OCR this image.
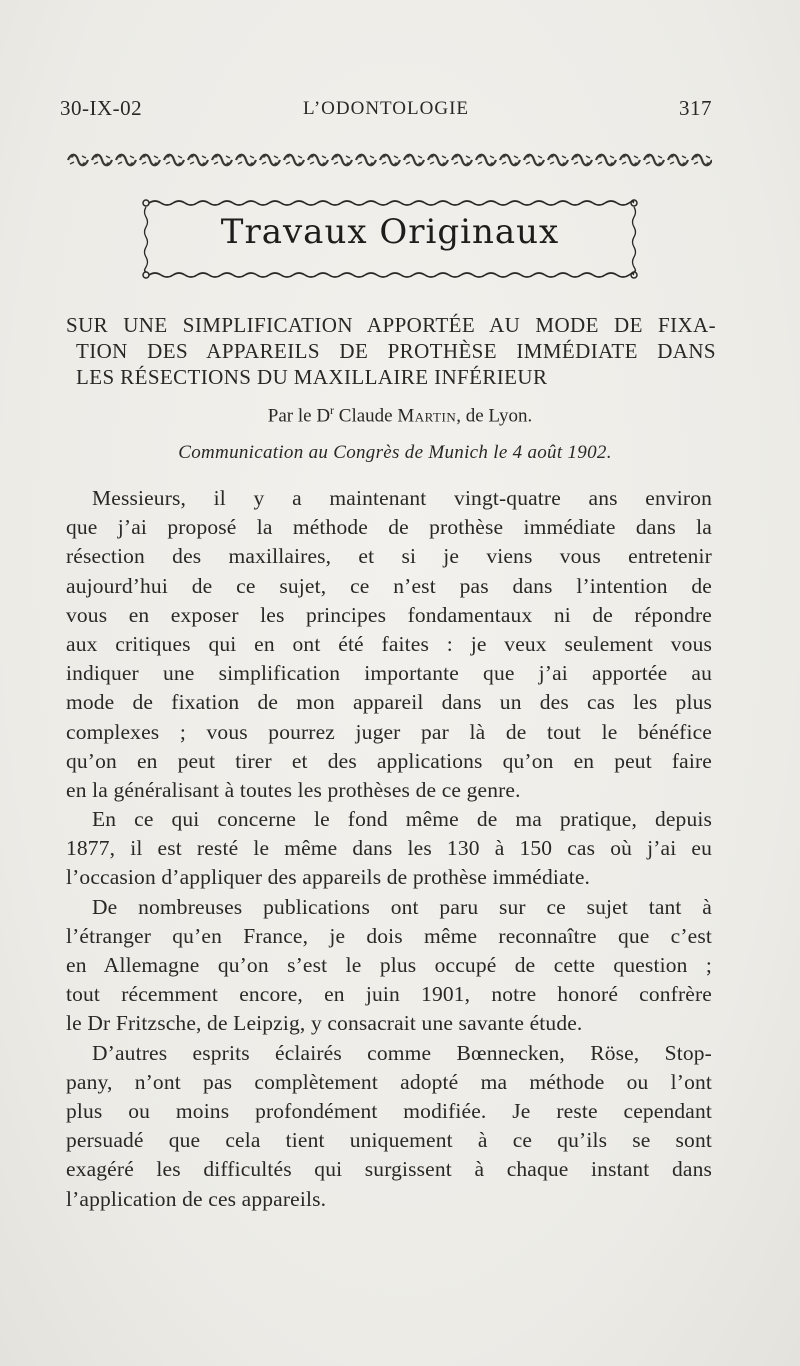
30-IX-02	L’ODONTOLOGIE	317
Travaux Originaux
SUR UNE SIMPLIFICATION APPORTÉE AU MODE DE FIXA-
TION DES APPAREILS DE PROTHÈSE IMMÉDIATE DANS
LES RÉSECTIONS DU MAXILLAIRE INFÉRIEUR
Par le $D^r$ Claude Martin, de Lyon.
Communication au Congrès de Munich le 4 août 1902.
Messieurs, il y a maintenant vingt-quatre ans environ
que j’ai proposé la méthode de prothèse immédiate dans la
résection des maxillaires, et si je viens vous entretenir
aujourd’hui de ce sujet, ce n’est pas dans l’intention de
vous en exposer les principes fondamentaux ni de répondre
aux critiques qui en ont été faites : je veux seulement vous
indiquer une simplification importante que j’ai apportée au
mode de fixation de mon appareil dans un des cas les plus
complexes ; vous pourrez juger par là de tout le bénéfice
qu’on en peut tirer et des applications qu’on en peut faire
en la généralisant à toutes les prothèses de ce genre.
En ce qui concerne le fond même de ma pratique, depuis
1877, il est resté le même dans les 130 à 150 cas où j’ai eu
l’occasion d’appliquer des appareils de prothèse immédiate.
De nombreuses publications ont paru sur ce sujet tant à
l’étranger qu’en France, je dois même reconnaître que c’est
en Allemagne qu’on s’est le plus occupé de cette question ;
tout récemment encore, en juin 1901, notre honoré confrère
le Dr Fritzsche, de Leipzig, y consacrait une savante étude.
D’autres esprits éclairés comme Bœnnecken, Röse, Stop-
pany, n’ont pas complètement adopté ma méthode ou l’ont
plus ou moins profondément modifiée. Je reste cependant
persuadé que cela tient uniquement à ce qu’ils se sont
exagéré les difficultés qui surgissent à chaque instant dans
l’application de ces appareils.
